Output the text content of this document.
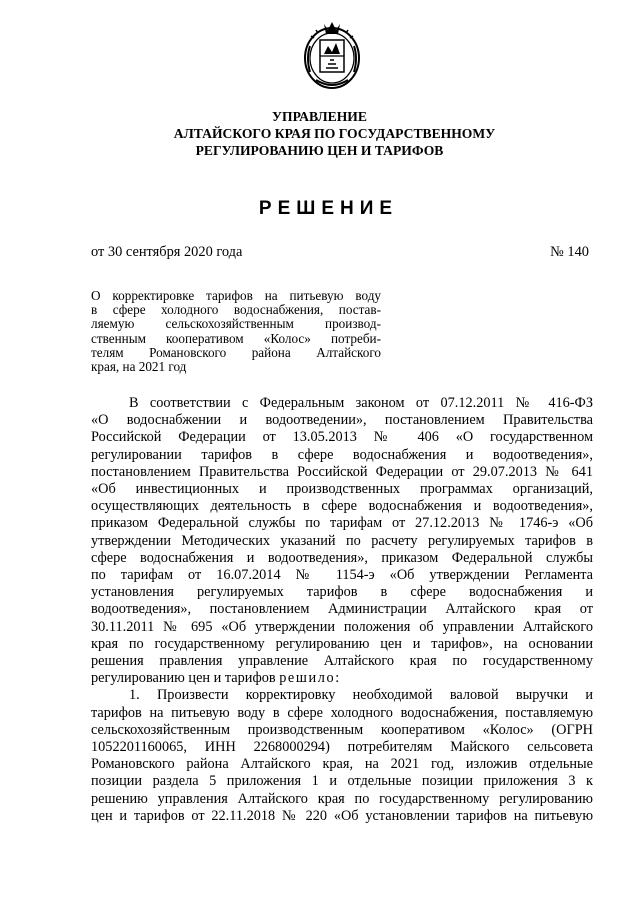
УПРАВЛЕНИЕ
АЛТАЙСКОГО КРАЯ ПО ГОСУДАРСТВЕННОМУ
РЕГУЛИРОВАНИЮ ЦЕН И ТАРИФОВ
РЕШЕНИЕ
от 30 сентября 2020 года	№ 140
О корректировке тарифов на питьевую воду
в сфере холодного водоснабжения, постав-
ляемую сельскохозяйственным производ-
ственным кооперативом «Колос» потреби-
телям Романовского района Алтайского
края, на 2021 год
В соответствии с Федеральным законом от 07.12.2011 № 416-ФЗ
«О водоснабжении и водоотведении», постановлением Правительства
Российской Федерации от 13.05.2013 № 406 «О государственном
регулировании тарифов в сфере водоснабжения и водоотведения»,
постановлением Правительства Российской Федерации от 29.07.2013 № 641
«Об инвестиционных и производственных программах организаций,
осуществляющих деятельность в сфере водоснабжения и водоотведения»,
приказом Федеральной службы по тарифам от 27.12.2013 № 1746-э «Об
утверждении Методических указаний по расчету регулируемых тарифов в
сфере водоснабжения и водоотведения», приказом Федеральной службы
по тарифам от 16.07.2014 № 1154-э «Об утверждении Регламента
установления регулируемых тарифов в сфере водоснабжения и
водоотведения», постановлением Администрации Алтайского края от
30.11.2011 № 695 «Об утверждении положения об управлении Алтайского
края по государственному регулированию цен и тарифов», на основании
решения правления управление Алтайского края по государственному
регулированию цен и тарифов решило:
1. Произвести корректировку необходимой валовой выручки и
тарифов на питьевую воду в сфере холодного водоснабжения, поставляемую
сельскохозяйственным производственным кооперативом «Колос» (ОГРН
1052201160065, ИНН 2268000294) потребителям Майского сельсовета
Романовского района Алтайского края, на 2021 год, изложив отдельные
позиции раздела 5 приложения 1 и отдельные позиции приложения 3 к
решению управления Алтайского края по государственному регулированию
цен и тарифов от 22.11.2018 № 220 «Об установлении тарифов на питьевую
